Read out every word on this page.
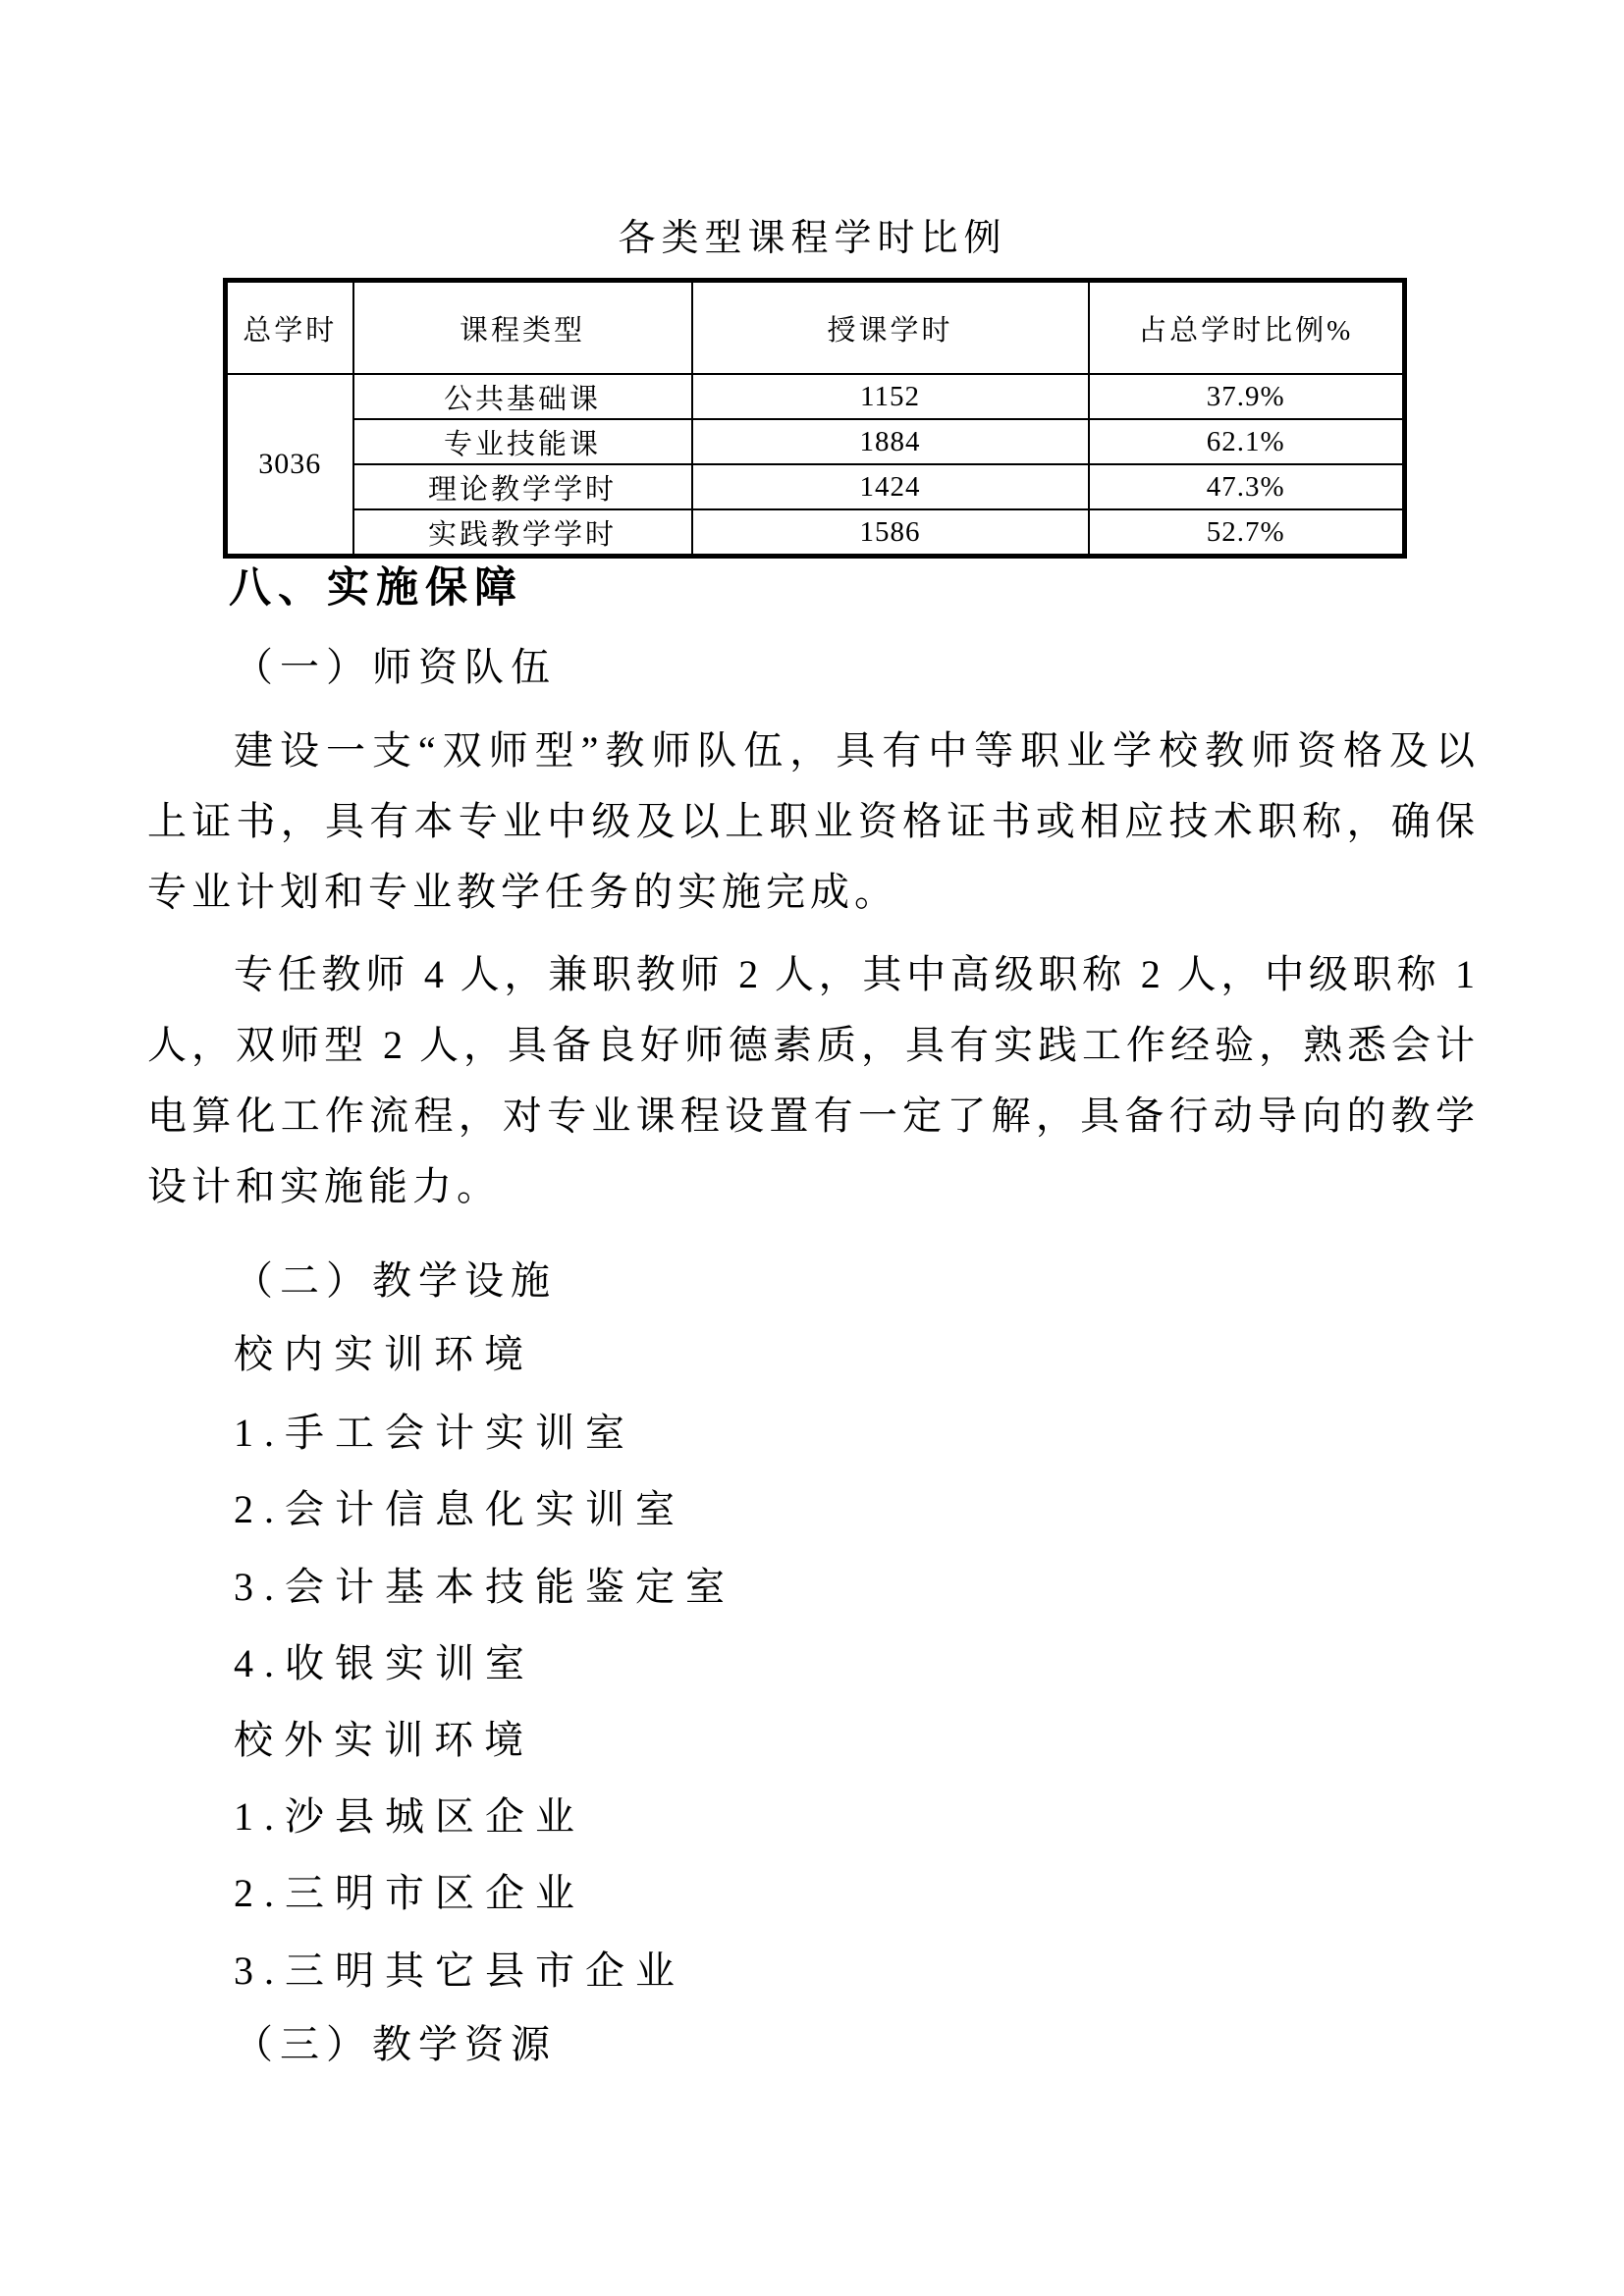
各类型课程学时比例
总学时	课程类型	授课学时	占总学时比例%
3036	公共基础课	1152	37.9%
	专业技能课	1884	62.1%
	理论教学学时	1424	47.3%
	实践教学学时	1586	52.7%
八、实施保障
（一）师资队伍
建设一支“双师型”教师队伍，具有中等职业学校教师资格及以
上证书，具有本专业中级及以上职业资格证书或相应技术职称，确保
专业计划和专业教学任务的实施完成。
专任教师 4 人，兼职教师 2 人，其中高级职称 2 人，中级职称 1
人，双师型 2 人，具备良好师德素质，具有实践工作经验，熟悉会计
电算化工作流程，对专业课程设置有一定了解，具备行动导向的教学
设计和实施能力。
（二）教学设施
校内实训环境
1.手工会计实训室
2.会计信息化实训室
3.会计基本技能鉴定室
4.收银实训室
校外实训环境
1.沙县城区企业
2.三明市区企业
3.三明其它县市企业
（三）教学资源
